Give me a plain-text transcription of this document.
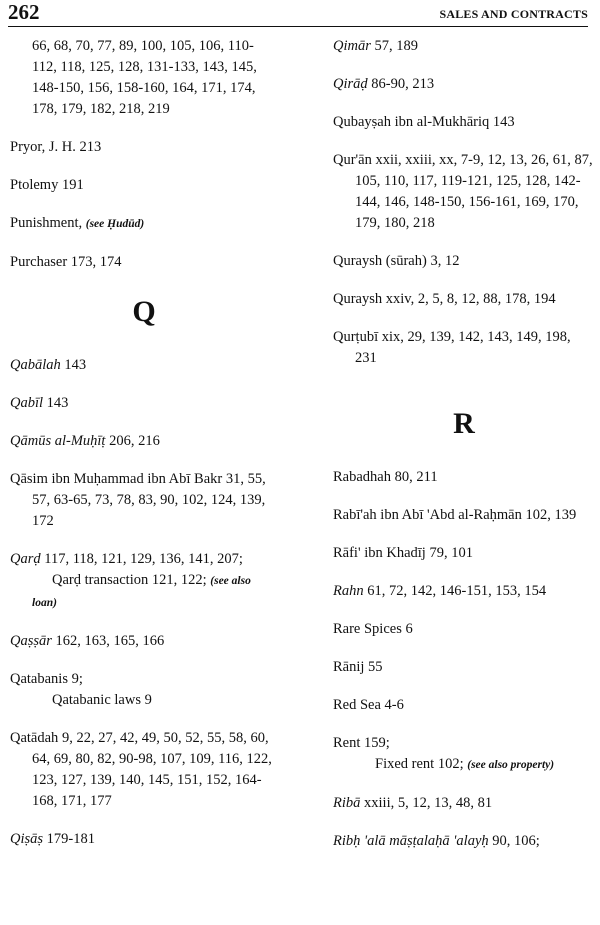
262	SALES AND CONTRACTS

66, 68, 70, 77, 89, 100, 105, 106, 110-112, 118, 125, 128, 131-133, 143, 145, 148-150, 156, 158-160, 164, 171, 174, 178, 179, 182, 218, 219

Pryor, J. H. 213

Ptolemy 191

Punishment, (see Ḥudūd)

Purchaser 173, 174

Q

Qabālah 143

Qabīl 143

Qāmūs al-Muḥīṭ 206, 216

Qāsim ibn Muḥammad ibn Abī Bakr 31, 55, 57, 63-65, 73, 78, 83, 90, 102, 124, 139, 172

Qarḍ 117, 118, 121, 129, 136, 141, 207;
Qarḍ transaction 121, 122; (see also loan)

Qaṣṣār 162, 163, 165, 166

Qatabanis 9;
Qatabanic laws 9

Qatādah 9, 22, 27, 42, 49, 50, 52, 55, 58, 60, 64, 69, 80, 82, 90-98, 107, 109, 116, 122, 123, 127, 139, 140, 145, 151, 152, 164-168, 171, 177

Qiṣāṣ 179-181

Qimār 57, 189

Qirāḍ 86-90, 213

Qubayṣah ibn al-Mukhāriq 143

Qur'ān xxii, xxiii, xx, 7-9, 12, 13, 26, 61, 87, 105, 110, 117, 119-121, 125, 128, 142-144, 146, 148-150, 156-161, 169, 170, 179, 180, 218

Quraysh (sūrah) 3, 12

Quraysh xxiv, 2, 5, 8, 12, 88, 178, 194

Qurṭubī xix, 29, 139, 142, 143, 149, 198, 231

R

Rabadhah 80, 211

Rabī'ah ibn Abī 'Abd al-Raḥmān 102, 139

Rāfi' ibn Khadīj 79, 101

Rahn 61, 72, 142, 146-151, 153, 154

Rare Spices 6

Rānij 55

Red Sea 4-6

Rent 159;
Fixed rent 102; (see also property)

Ribā xxiii, 5, 12, 13, 48, 81

Ribḥ 'alā māṣṭalaḥā 'alayḥ 90, 106;
